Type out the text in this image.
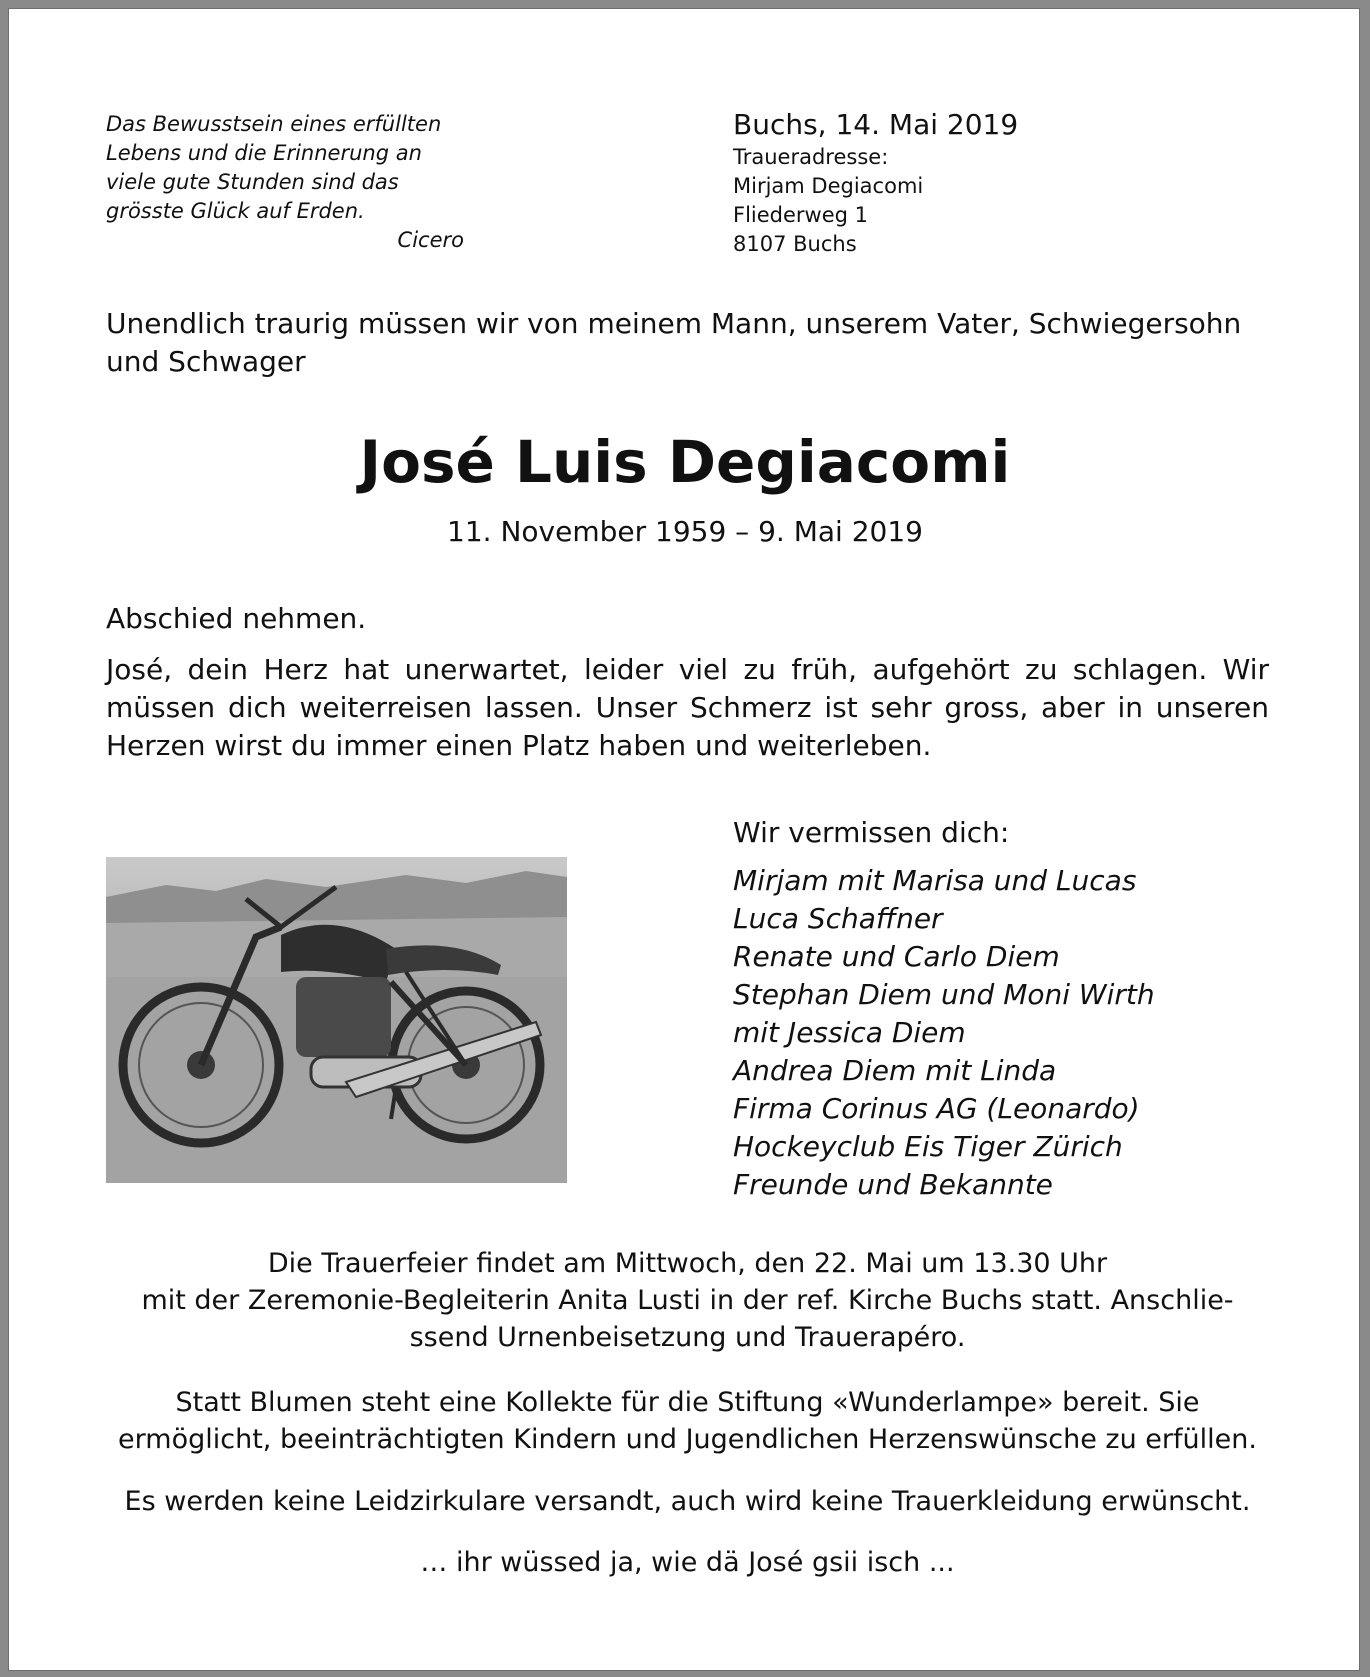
Das Bewusstsein eines erfüllten
Lebens und die Erinnerung an
viele gute Stunden sind das
grösste Glück auf Erden.
Cicero
Buchs, 14. Mai 2019
Traueradresse:
Mirjam Degiacomi
Fliederweg 1
8107 Buchs
Unendlich traurig müssen wir von meinem Mann, unserem Vater, Schwiegersohn
und Schwager
José Luis Degiacomi
11. November 1959 – 9. Mai 2019
Abschied nehmen.
José, dein Herz hat unerwartet, leider viel zu früh, aufgehört zu schlagen. Wir müssen dich weiterreisen lassen. Unser Schmerz ist sehr gross, aber in unseren Herzen wirst du immer einen Platz haben und weiterleben.
Wir vermissen dich:
Mirjam mit Marisa und Lucas
Luca Schaffner
Renate und Carlo Diem
Stephan Diem und Moni Wirth
mit Jessica Diem
Andrea Diem mit Linda
Firma Corinus AG (Leonardo)
Hockeyclub Eis Tiger Zürich
Freunde und Bekannte
Die Trauerfeier findet am Mittwoch, den 22. Mai um 13.30 Uhr
mit der Zeremonie-Begleiterin Anita Lusti in der ref. Kirche Buchs statt. Anschlie-
ssend Urnenbeisetzung und Trauerapéro.
Statt Blumen steht eine Kollekte für die Stiftung «Wunderlampe» bereit. Sie
ermöglicht, beeinträchtigten Kindern und Jugendlichen Herzenswünsche zu erfüllen.
Es werden keine Leidzirkulare versandt, auch wird keine Trauerkleidung erwünscht.
… ihr wüssed ja, wie dä José gsii isch ...
